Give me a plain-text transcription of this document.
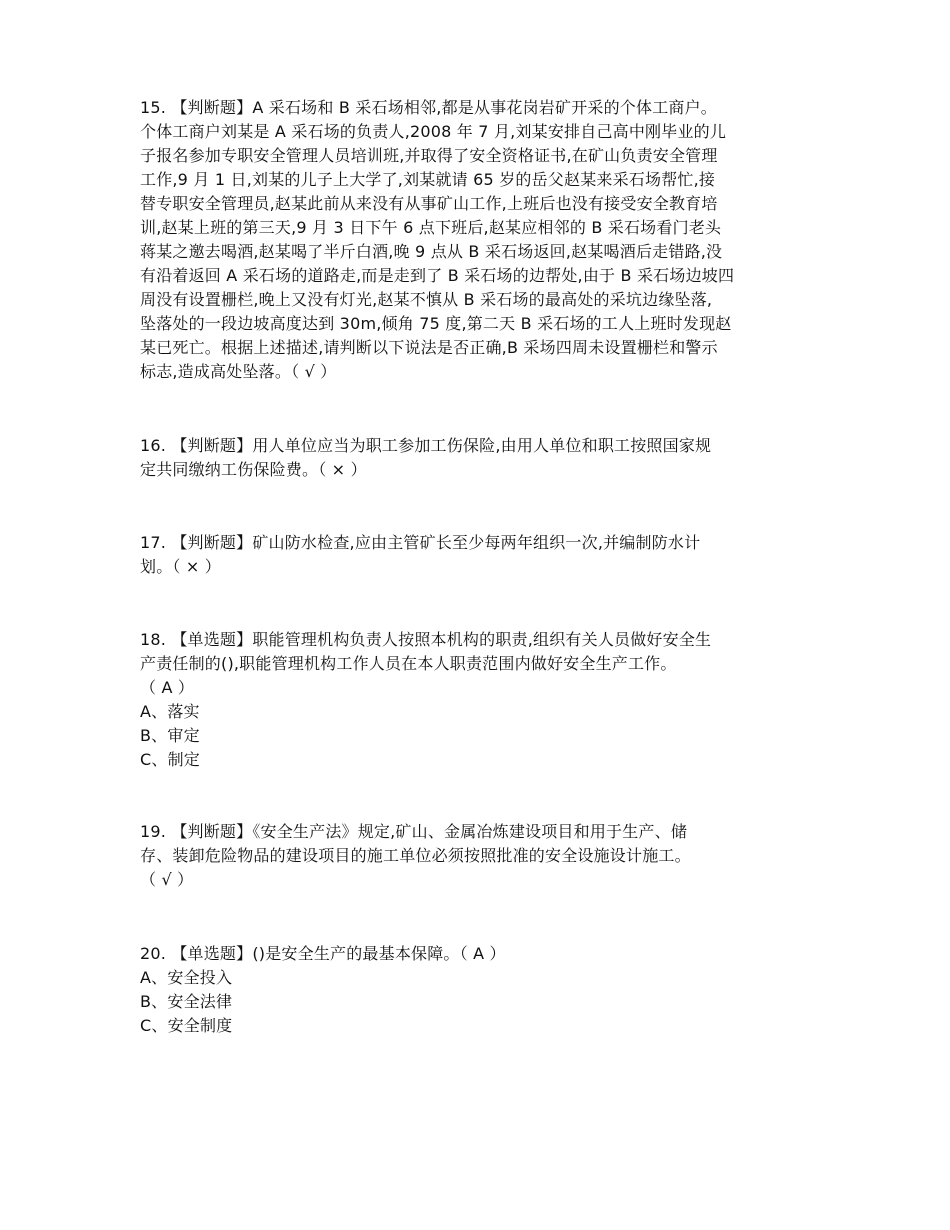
15. 【判断题】A 采石场和 B 采石场相邻,都是从事花岗岩矿开采的个体工商户。

个体工商户刘某是 A 采石场的负责人,2008 年 7 月,刘某安排自己高中刚毕业的儿

子报名参加专职安全管理人员培训班,并取得了安全资格证书,在矿山负责安全管理

工作,9 月 1 日,刘某的儿子上大学了,刘某就请 65 岁的岳父赵某来采石场帮忙,接

替专职安全管理员,赵某此前从来没有从事矿山工作,上班后也没有接受安全教育培

训,赵某上班的第三天,9 月 3 日下午 6 点下班后,赵某应相邻的 B 采石场看门老头

蒋某之邀去喝酒,赵某喝了半斤白酒,晚 9 点从 B 采石场返回,赵某喝酒后走错路,没

有沿着返回 A 采石场的道路走,而是走到了 B 采石场的边帮处,由于 B 采石场边坡四

周没有设置栅栏,晚上又没有灯光,赵某不慎从 B 采石场的最高处的采坑边缘坠落,

坠落处的一段边坡高度达到 30m,倾角 75 度,第二天 B 采石场的工人上班时发现赵

某已死亡。根据上述描述,请判断以下说法是否正确,B 采场四周未设置栅栏和警示

标志,造成高处坠落。（ √ ）

16. 【判断题】用人单位应当为职工参加工伤保险,由用人单位和职工按照国家规

定共同缴纳工伤保险费。（ × ）

17. 【判断题】矿山防水检查,应由主管矿长至少每两年组织一次,并编制防水计

划。（ × ）

18. 【单选题】职能管理机构负责人按照本机构的职责,组织有关人员做好安全生

产责任制的(),职能管理机构工作人员在本人职责范围内做好安全生产工作。

（ A ）

A、落实

B、审定

C、制定

19. 【判断题】《安全生产法》规定,矿山、金属冶炼建设项目和用于生产、储

存、装卸危险物品的建设项目的施工单位必须按照批准的安全设施设计施工。

（ √ ）

20. 【单选题】()是安全生产的最基本保障。（ A ）

A、安全投入

B、安全法律

C、安全制度
